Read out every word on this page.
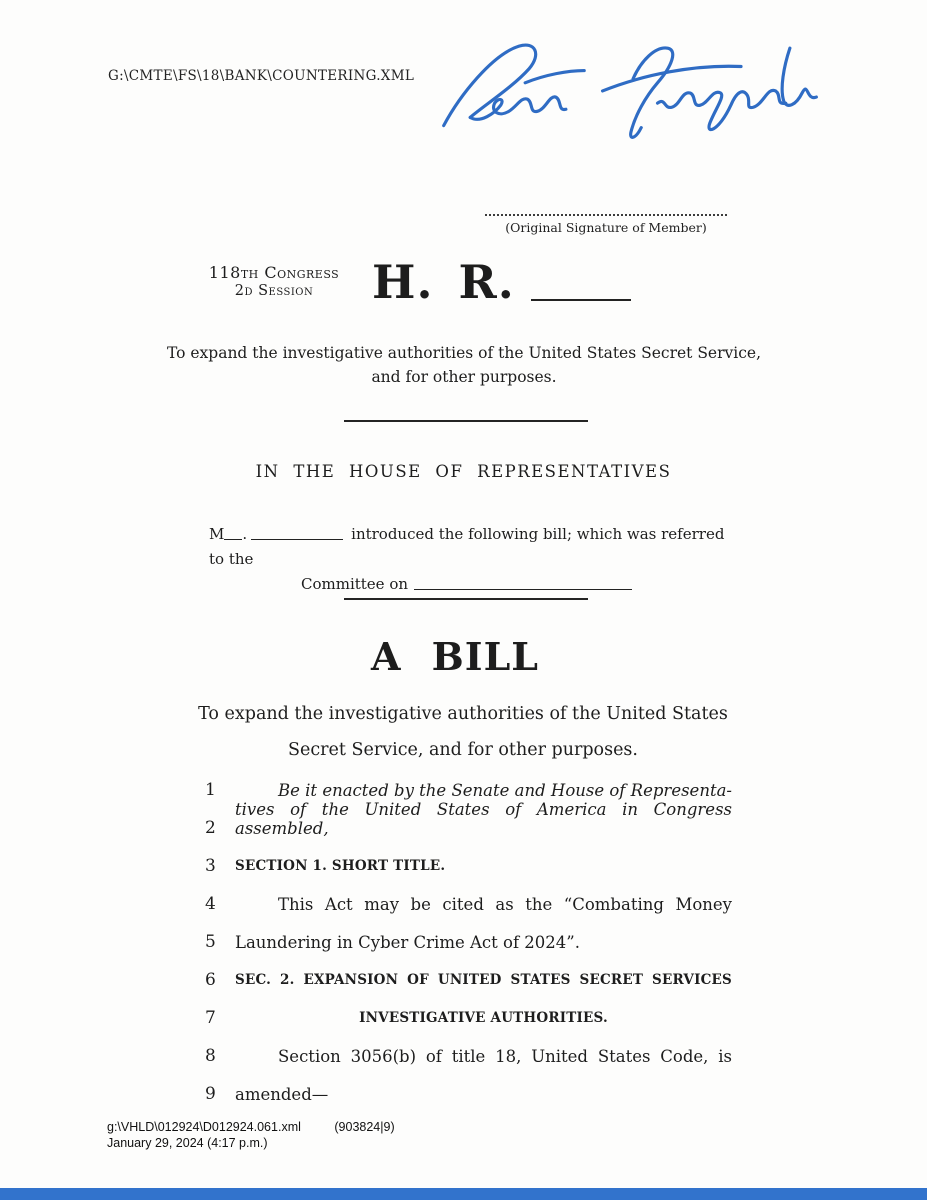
G:\CMTE\FS\18\BANK\COUNTERING.XML
(Original Signature of Member)
118th Congress
2d Session	H. R.
To expand the investigative authorities of the United States Secret Service,
and for other purposes.
IN THE HOUSE OF REPRESENTATIVES
M .	introduced the following bill; which was referred to the
Committee on
A BILL
To expand the investigative authorities of the United States
Secret Service, and for other purposes.
1	Be it enacted by the Senate and House of Representa-
2
tives of the United States of America in Congress assembled,
3	SECTION 1. SHORT TITLE.
4	This Act may be cited as the “Combating Money
5	Laundering in Cyber Crime Act of 2024”.
6	SEC. 2. EXPANSION OF UNITED STATES SECRET SERVICES
7	INVESTIGATIVE AUTHORITIES.
8	Section 3056(b) of title 18, United States Code, is
9	amended—
g:\VHLD\012924\D012924.061.xml	(903824|9)
January 29, 2024 (4:17 p.m.)
